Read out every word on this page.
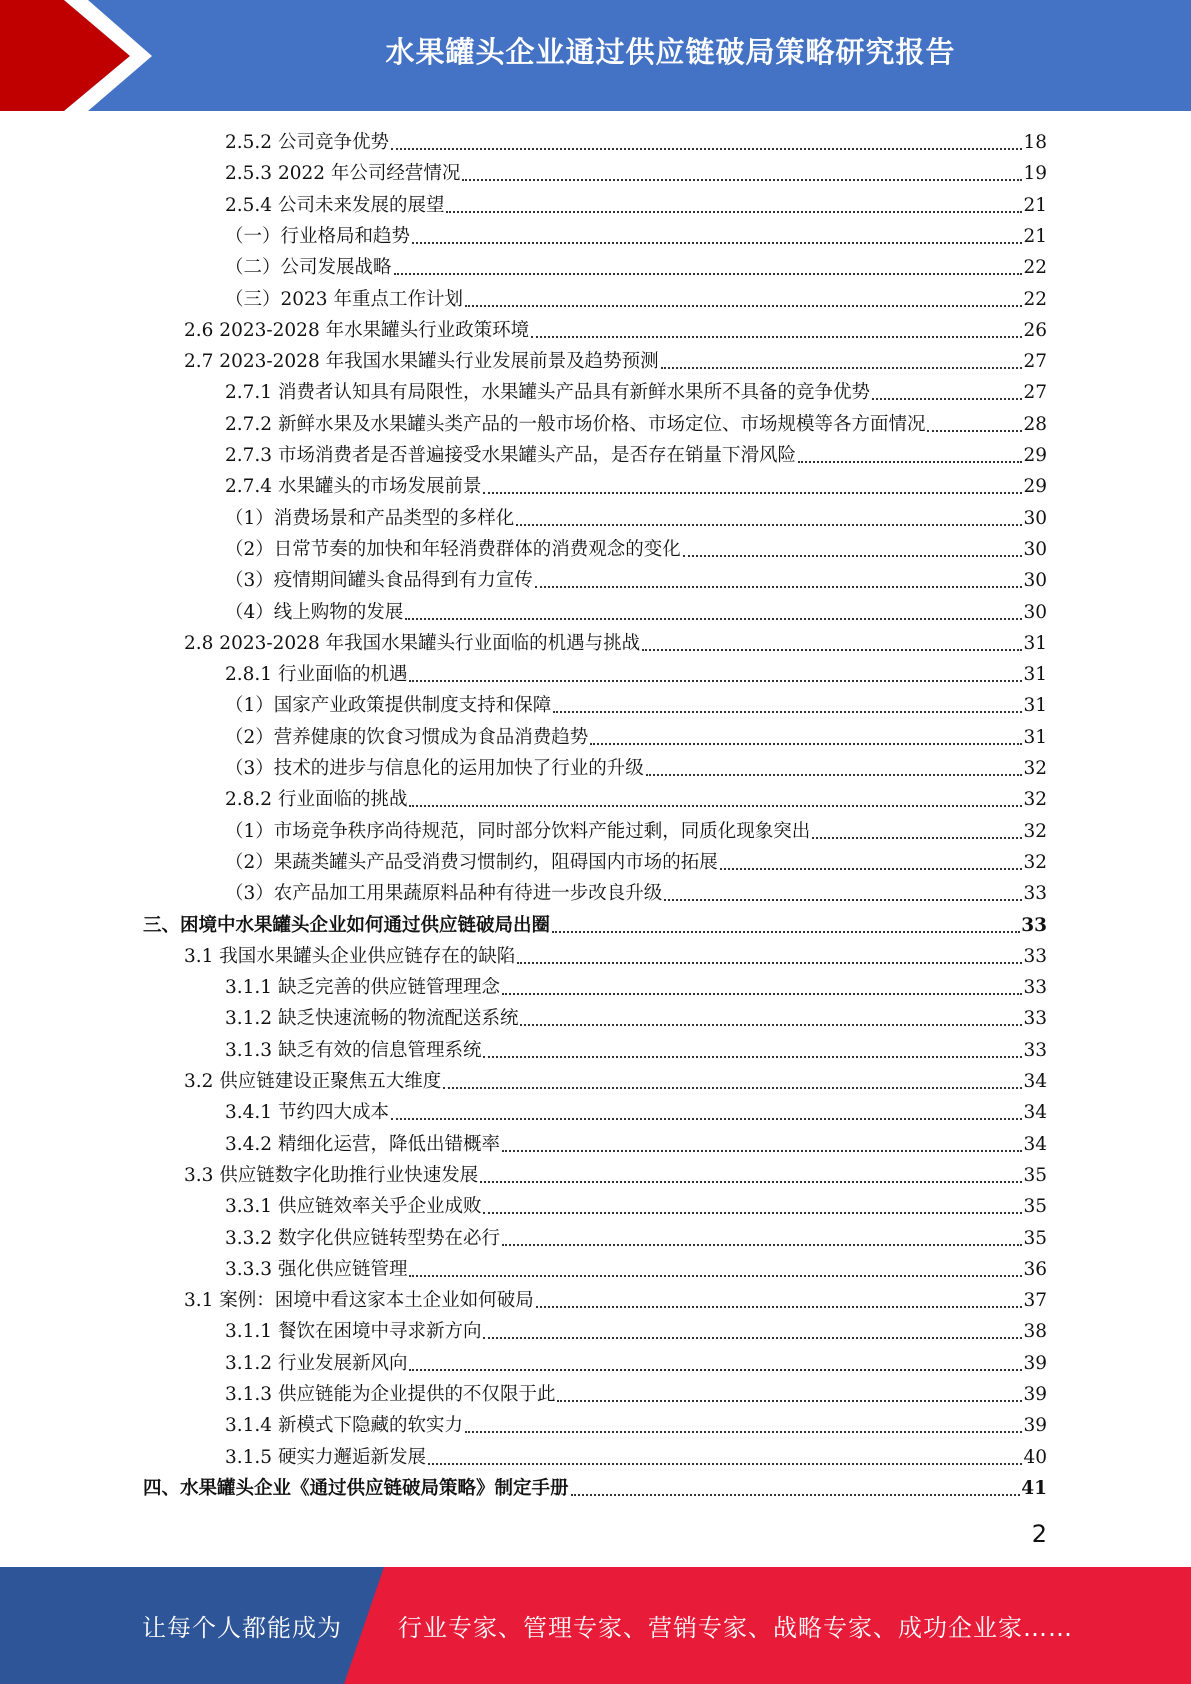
水果罐头企业通过供应链破局策略研究报告
2.5.2 公司竞争优势	18
2.5.3 2022 年公司经营情况	19
2.5.4 公司未来发展的展望	21
（一）行业格局和趋势	21
（二）公司发展战略	22
（三）2023 年重点工作计划	22
2.6 2023-2028 年水果罐头行业政策环境	26
2.7 2023-2028 年我国水果罐头行业发展前景及趋势预测	27
2.7.1 消费者认知具有局限性，水果罐头产品具有新鲜水果所不具备的竞争优势	27
2.7.2 新鲜水果及水果罐头类产品的一般市场价格、市场定位、市场规模等各方面情况	28
2.7.3 市场消费者是否普遍接受水果罐头产品，是否存在销量下滑风险	29
2.7.4 水果罐头的市场发展前景	29
（1）消费场景和产品类型的多样化	30
（2）日常节奏的加快和年轻消费群体的消费观念的变化	30
（3）疫情期间罐头食品得到有力宣传	30
（4）线上购物的发展	30
2.8 2023-2028 年我国水果罐头行业面临的机遇与挑战	31
2.8.1 行业面临的机遇	31
（1）国家产业政策提供制度支持和保障	31
（2）营养健康的饮食习惯成为食品消费趋势	31
（3）技术的进步与信息化的运用加快了行业的升级	32
2.8.2 行业面临的挑战	32
（1）市场竞争秩序尚待规范，同时部分饮料产能过剩，同质化现象突出	32
（2）果蔬类罐头产品受消费习惯制约，阻碍国内市场的拓展	32
（3）农产品加工用果蔬原料品种有待进一步改良升级	33
三、困境中水果罐头企业如何通过供应链破局出圈	33
3.1 我国水果罐头企业供应链存在的缺陷	33
3.1.1 缺乏完善的供应链管理理念	33
3.1.2 缺乏快速流畅的物流配送系统	33
3.1.3 缺乏有效的信息管理系统	33
3.2 供应链建设正聚焦五大维度	34
3.4.1 节约四大成本	34
3.4.2 精细化运营，降低出错概率	34
3.3 供应链数字化助推行业快速发展	35
3.3.1 供应链效率关乎企业成败	35
3.3.2 数字化供应链转型势在必行	35
3.3.3 强化供应链管理	36
3.1 案例：困境中看这家本土企业如何破局	37
3.1.1 餐饮在困境中寻求新方向	38
3.1.2 行业发展新风向	39
3.1.3 供应链能为企业提供的不仅限于此	39
3.1.4 新模式下隐藏的软实力	39
3.1.5 硬实力邂逅新发展	40
四、水果罐头企业《通过供应链破局策略》制定手册	41
2
让每个人都能成为 行业专家、管理专家、营销专家、战略专家、成功企业家……
